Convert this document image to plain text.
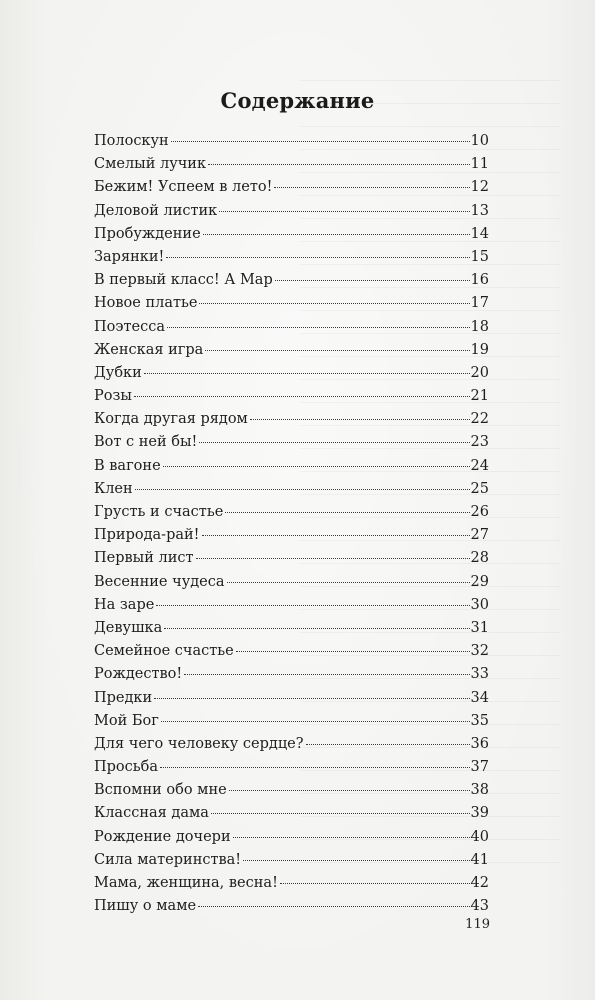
Содержание
Полоскун	10
Смелый лучик	11
Бежим! Успеем в лето!	12
Деловой листик	13
Пробуждение	14
Зарянки!	15
В первый класс! А Мар	16
Новое платье	17
Поэтесса	18
Женская игра	19
Дубки	20
Розы	21
Когда другая рядом	22
Вот с ней бы!	23
В вагоне	24
Клен	25
Грусть и счастье	26
Природа-рай!	27
Первый лист	28
Весенние чудеса	29
На заре	30
Девушка	31
Семейное счастье	32
Рождество!	33
Предки	34
Мой Бог	35
Для чего человеку сердце?	36
Просьба	37
Вспомни обо мне	38
Классная дама	39
Рождение дочери	40
Сила материнства!	41
Мама, женщина, весна!	42
Пишу о маме	43
119
